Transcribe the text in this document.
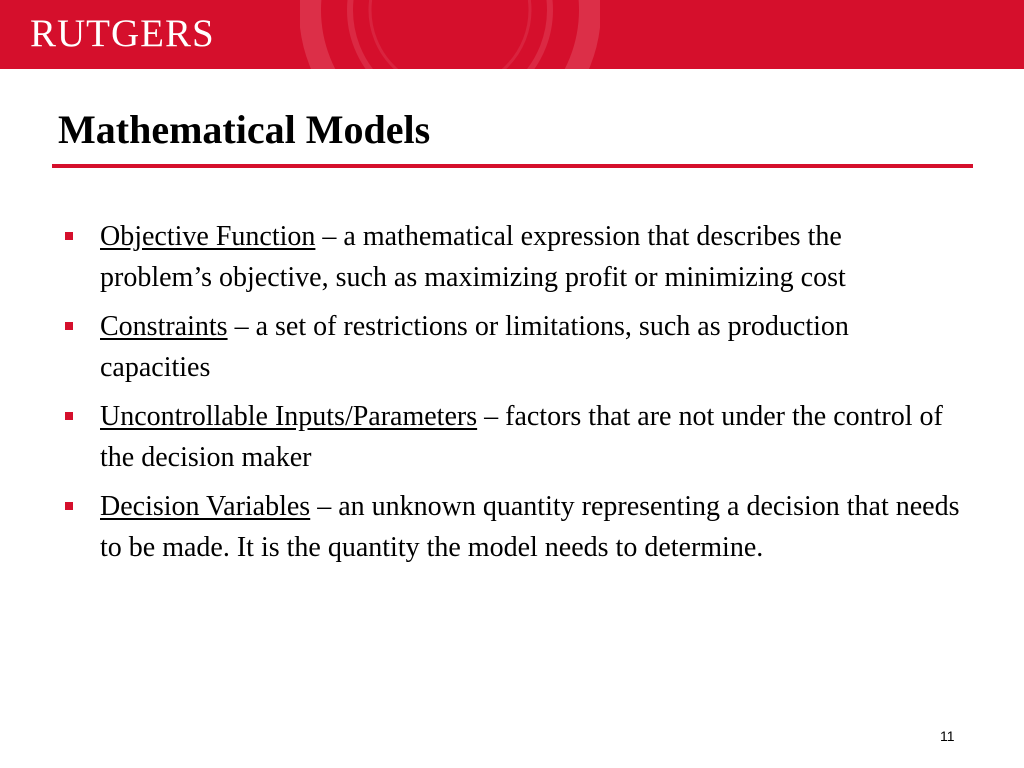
RUTGERS
Mathematical Models
Objective Function – a mathematical expression that describes the problem’s objective, such as maximizing profit or minimizing cost
Constraints – a set of restrictions or limitations, such as production capacities
Uncontrollable Inputs/Parameters – factors that are not under the control of the decision maker
Decision Variables – an unknown quantity representing a decision that needs to be made. It is the quantity the model needs to determine.
11
